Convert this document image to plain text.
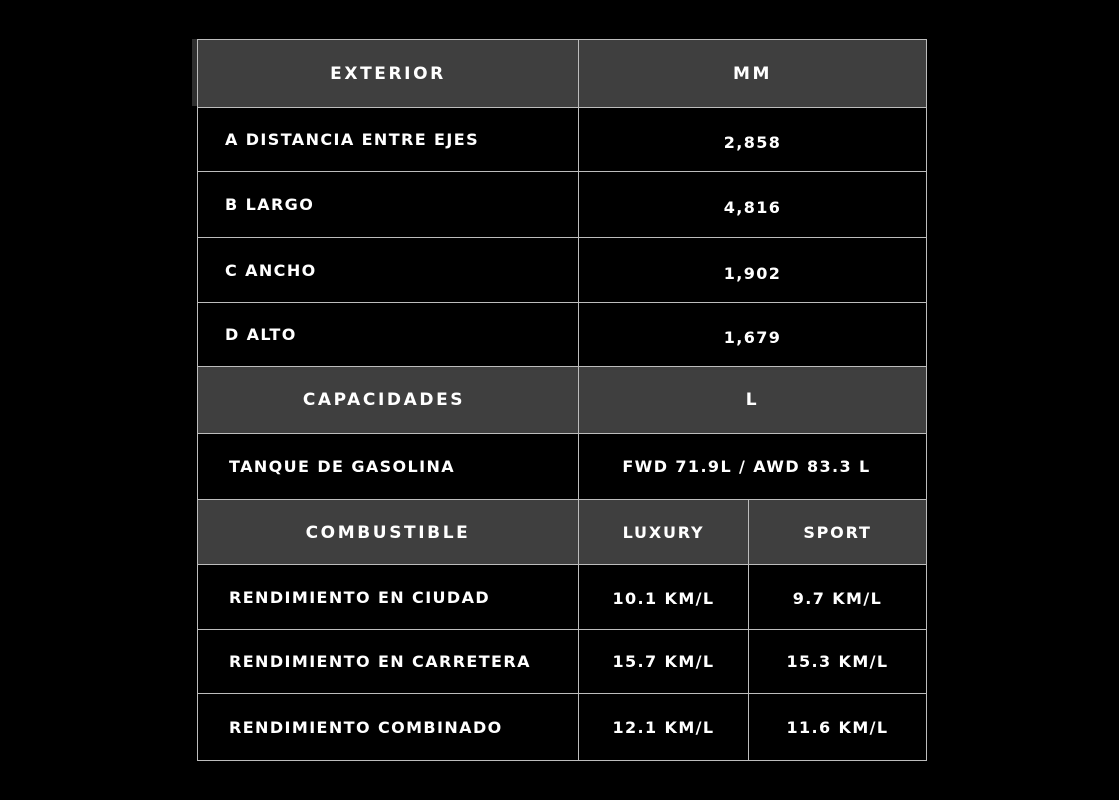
EXTERIOR	MM
A DISTANCIA ENTRE EJES	2,858
B LARGO	4,816
C ANCHO	1,902
D ALTO	1,679
CAPACIDADES	L
TANQUE DE GASOLINA	FWD 71.9L / AWD 83.3 L
COMBUSTIBLE	LUXURY	SPORT
RENDIMIENTO EN CIUDAD	10.1 KM/L	9.7 KM/L
RENDIMIENTO EN CARRETERA	15.7 KM/L	15.3 KM/L
RENDIMIENTO COMBINADO	12.1 KM/L	11.6 KM/L
